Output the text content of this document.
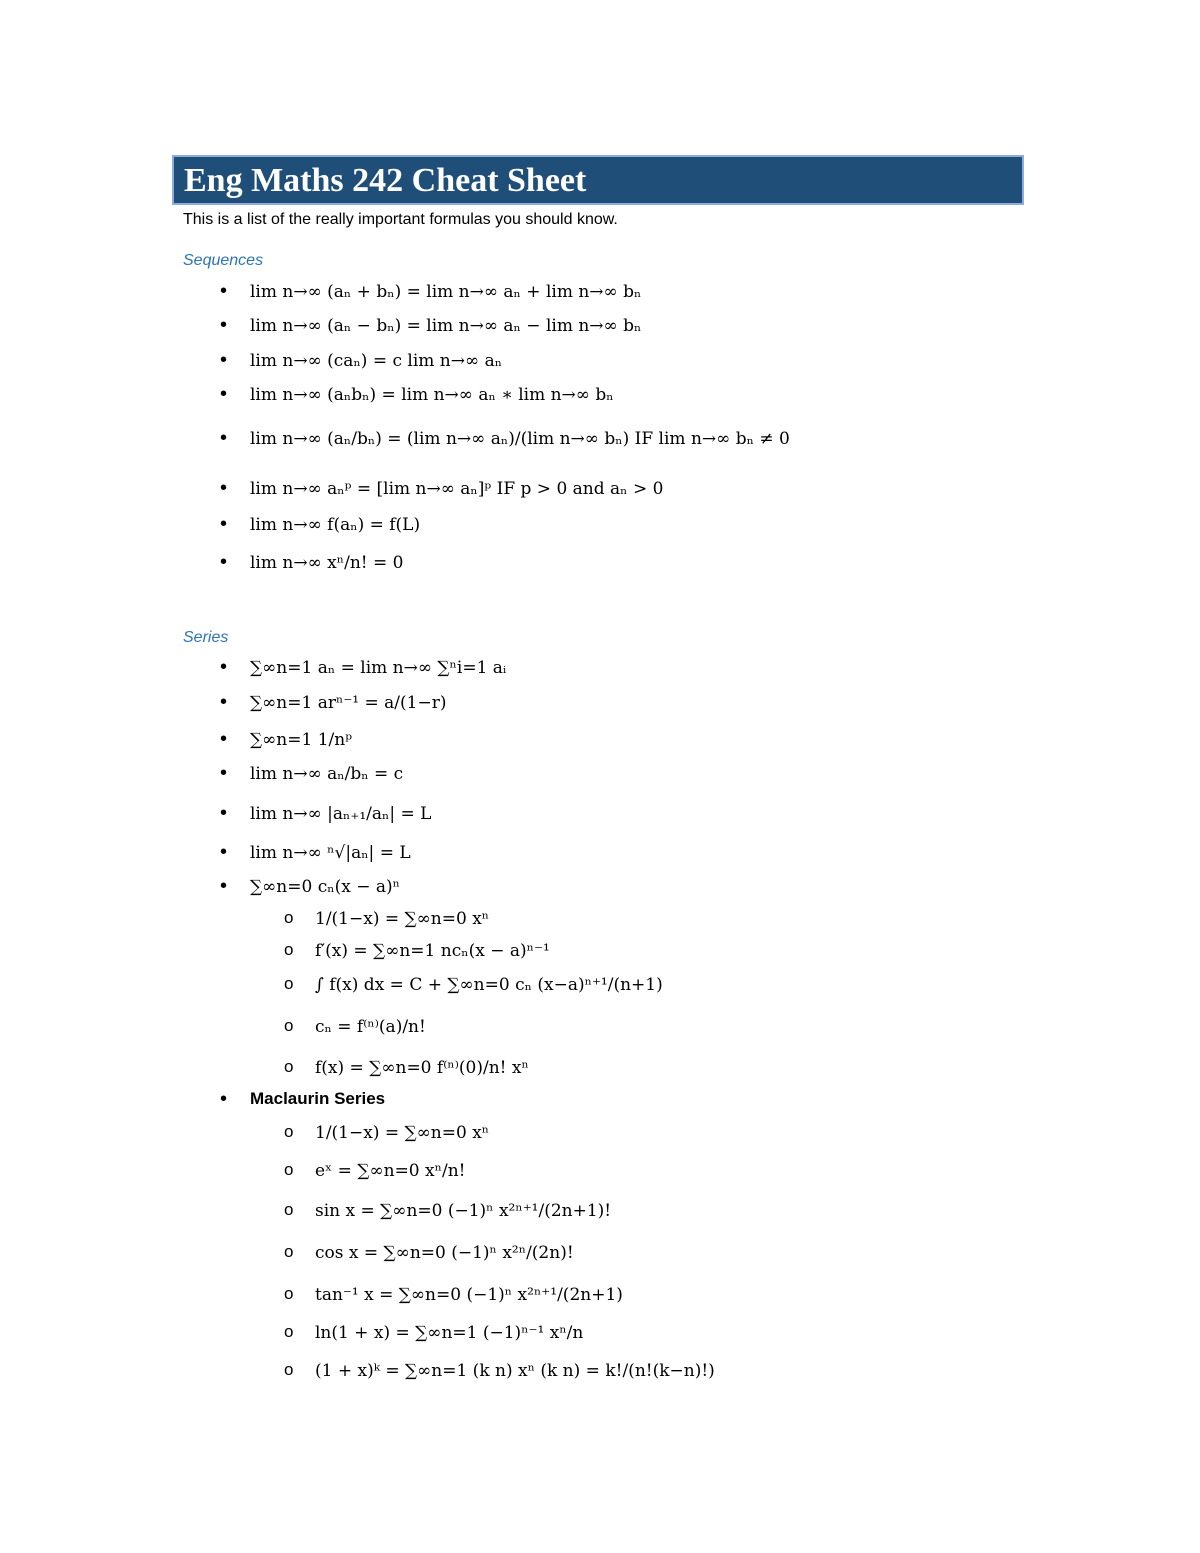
Eng Maths 242 Cheat Sheet
This is a list of the really important formulas you should know.
Sequences
• lim n→∞ (aₙ + bₙ) = lim n→∞ aₙ + lim n→∞ bₙ
• lim n→∞ (aₙ − bₙ) = lim n→∞ aₙ − lim n→∞ bₙ
• lim n→∞ (caₙ) = c lim n→∞ aₙ
• lim n→∞ (aₙbₙ) = lim n→∞ aₙ ∗ lim n→∞ bₙ
• lim n→∞ (aₙ/bₙ) = (lim n→∞ aₙ)/(lim n→∞ bₙ) IF lim n→∞ bₙ ≠ 0
• lim n→∞ aₙᵖ = [lim n→∞ aₙ]ᵖ IF p > 0 and aₙ > 0
• lim n→∞ f(aₙ) = f(L)
• lim n→∞ xⁿ/n! = 0
Series
• ∑∞n=1 aₙ = lim n→∞ ∑ⁿi=1 aᵢ
• ∑∞n=1 arⁿ⁻¹ = a/(1−r)
• ∑∞n=1 1/nᵖ
• lim n→∞ aₙ/bₙ = c
• lim n→∞ |aₙ₊₁/aₙ| = L
• lim n→∞ ⁿ√|aₙ| = L
• ∑∞n=0 cₙ(x − a)ⁿ
o 1/(1−x) = ∑∞n=0 xⁿ
o f′(x) = ∑∞n=1 ncₙ(x − a)ⁿ⁻¹
o ∫ f(x) dx = C + ∑∞n=0 cₙ (x−a)ⁿ⁺¹/(n+1)
o cₙ = f⁽ⁿ⁾(a)/n!
o f(x) = ∑∞n=0 f⁽ⁿ⁾(0)/n! xⁿ
• Maclaurin Series
o 1/(1−x) = ∑∞n=0 xⁿ
o eˣ = ∑∞n=0 xⁿ/n!
o sin x = ∑∞n=0 (−1)ⁿ x²ⁿ⁺¹/(2n+1)!
o cos x = ∑∞n=0 (−1)ⁿ x²ⁿ/(2n)!
o tan⁻¹ x = ∑∞n=0 (−1)ⁿ x²ⁿ⁺¹/(2n+1)
o ln(1 + x) = ∑∞n=1 (−1)ⁿ⁻¹ xⁿ/n
o (1 + x)ᵏ = ∑∞n=1 (k n) xⁿ (k n) = k!/(n!(k−n)!)
